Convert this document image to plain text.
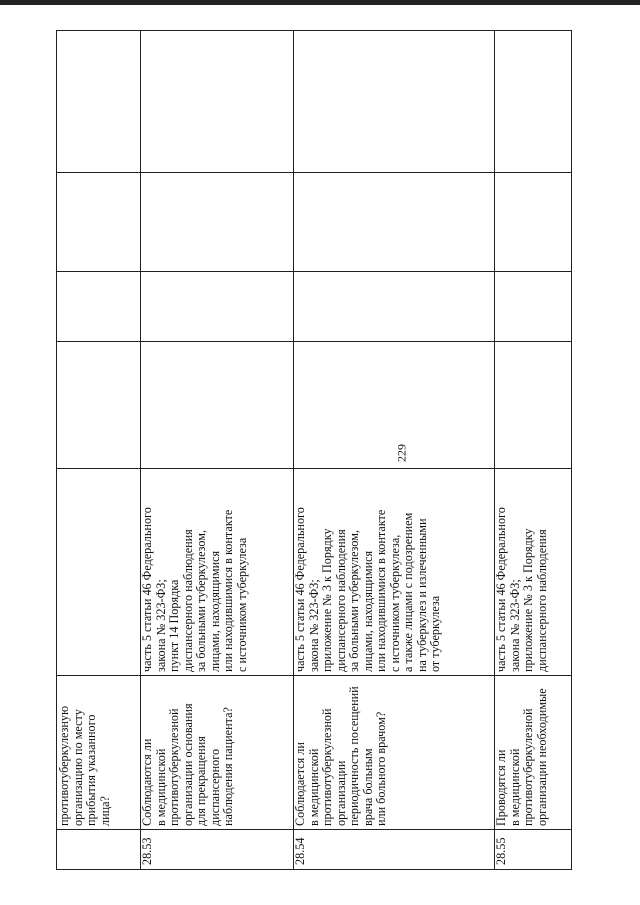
229
противотуберкулезную организацию по месту прибытия указанного лица?
28.53
Соблюдаются ли в медицинской противотуберкулезной организации основания для прекращения диспансерного наблюдения пациента?
часть 5 статьи 46 Федерального закона № 323-ФЗ; пункт 14 Порядка диспансерного наблюдения за больными туберкулезом, лицами, находящимися или находившимися в контакте с источником туберкулеза
28.54
Соблюдается ли в медицинской противотуберкулезной организации периодичность посещений врача больным или больного врачом?
часть 5 статьи 46 Федерального закона № 323-ФЗ; приложение № 3 к Порядку диспансерного наблюдения за больными туберкулезом, лицами, находящимися или находившимися в контакте с источником туберкулеза, а также лицами с подозрением на туберкулез и излеченными от туберкулеза
28.55
Проводятся ли в медицинской противотуберкулезной организации необходимые
часть 5 статьи 46 Федерального закона № 323-ФЗ; приложение № 3 к Порядку диспансерного наблюдения
